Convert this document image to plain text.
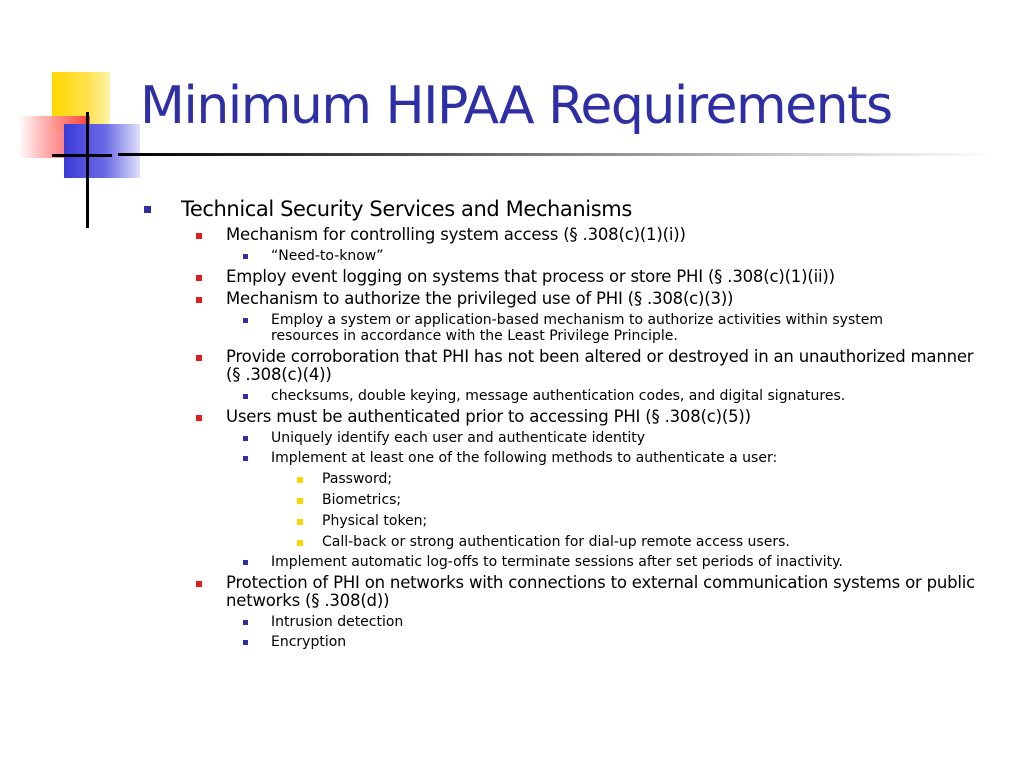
Minimum HIPAA Requirements
Technical Security Services and Mechanisms
Mechanism for controlling system access (§ .308(c)(1)(i))
“Need-to-know”
Employ event logging on systems that process or store PHI (§ .308(c)(1)(ii))
Mechanism to authorize the privileged use of PHI (§ .308(c)(3))
Employ a system or application-based mechanism to authorize activities within system resources in accordance with the Least Privilege Principle.
Provide corroboration that PHI has not been altered or destroyed in an unauthorized manner (§ .308(c)(4))
checksums, double keying, message authentication codes, and digital signatures.
Users must be authenticated prior to accessing PHI (§ .308(c)(5))
Uniquely identify each user and authenticate identity
Implement at least one of the following methods to authenticate a user:
Password;
Biometrics;
Physical token;
Call-back or strong authentication for dial-up remote access users.
Implement automatic log-offs to terminate sessions after set periods of inactivity.
Protection of PHI on networks with connections to external communication systems or public networks (§ .308(d))
Intrusion detection
Encryption
